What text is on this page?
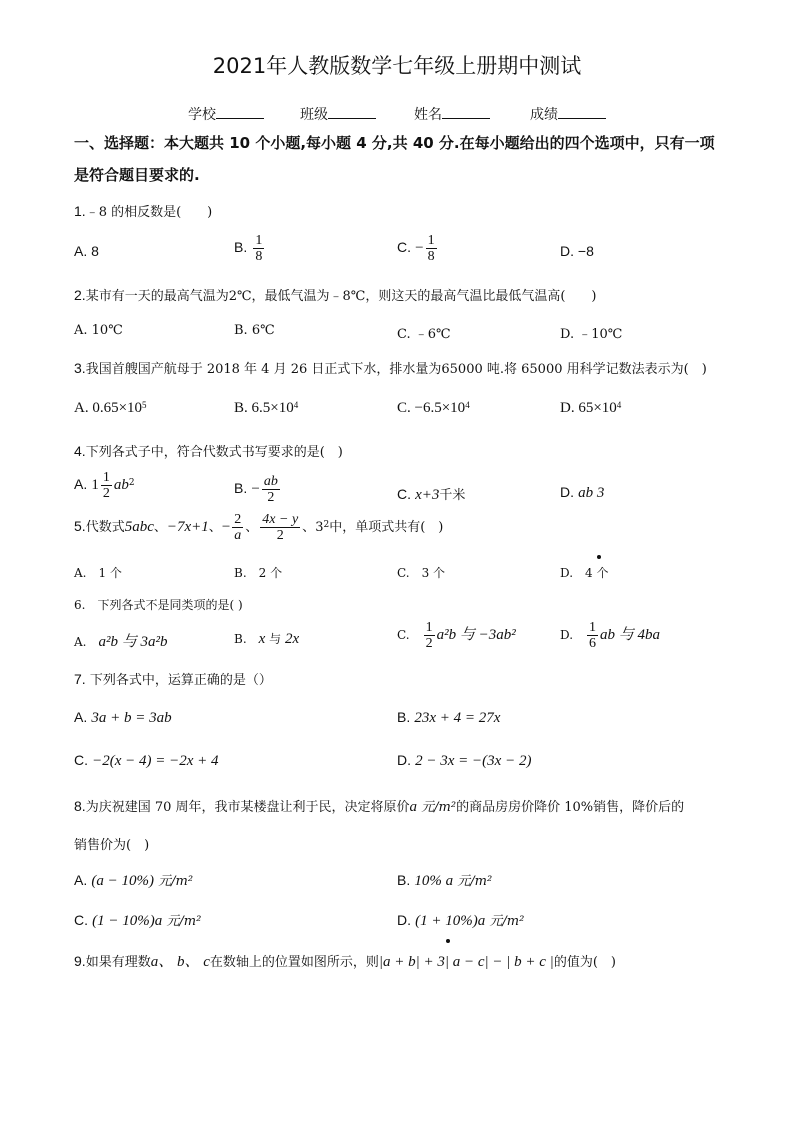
2021年人教版数学七年级上册期中测试
学校	班级	姓名	成绩
一、选择题：本大题共 10 个小题,每小题 4 分,共 40 分.在每小题给出的四个选项中，只有一项
是符合题目要求的.
1.﹣8 的相反数是(　　)
A. 8	B. $\frac{1}{8}$	C. − $\frac{1}{8}$	D. −8
2.某市有一天的最高气温为2℃，最低气温为﹣8℃，则这天的最高气温比最低气温高(　　)
A. 10℃	B. 6℃	C. ﹣6℃	D. ﹣10℃
3.我国首艘国产航母于 2018 年 4 月 26 日正式下水，排水量为65000 吨.将 65000 用科学记数法表示为(　)
A. $0.65\times 10^5$	B. $6.5\times 10^4$	C. $-6.5\times 10^4$	D. $65\times 10^4$
4.下列各式子中，符合代数式书写要求的是(　)
A. $1 \frac{1}{2} ab^2$	B. − $\frac{ab}{2}$	C. x+3千米	D. ab 3
5.代数式5abc、−7x+1、− $\frac{2}{a}$ 、 $\frac{4x - y}{2}$ 、$3^2$中，单项式共有(　)
A.　1 个	B.　2 个	C.　3 个	D.　4 个
6.　 下列各式不是同类项的是( )
A.　 a²b 与 3a²b	B.　 x 与 2x	C.　 $\frac{1}{2} a^2b$ 与 −3ab²	D.　 $\frac{1}{6}$ ab 与 4ba
7. 下列各式中，运算正确的是（）
A. 3a + b = 3ab	B. 23x + 4 = 27x
C. −2(x − 4) = −2x + 4	D. 2 − 3x = −(3x − 2)
8.为庆祝建国 70 周年，我市某楼盘让利于民，决定将原价a 元/m²的商品房房价降价 10%销售，降价后的
销售价为(　)
A. (a − 10%) 元/m²	B. 10% a 元/m²
C. (1 − 10%)a 元/m²	D. (1 + 10%)a 元/m²
9.如果有理数a、 b、 c在数轴上的位置如图所示，则|a + b| + 3| a − c| − | b + c |的值为(　)
